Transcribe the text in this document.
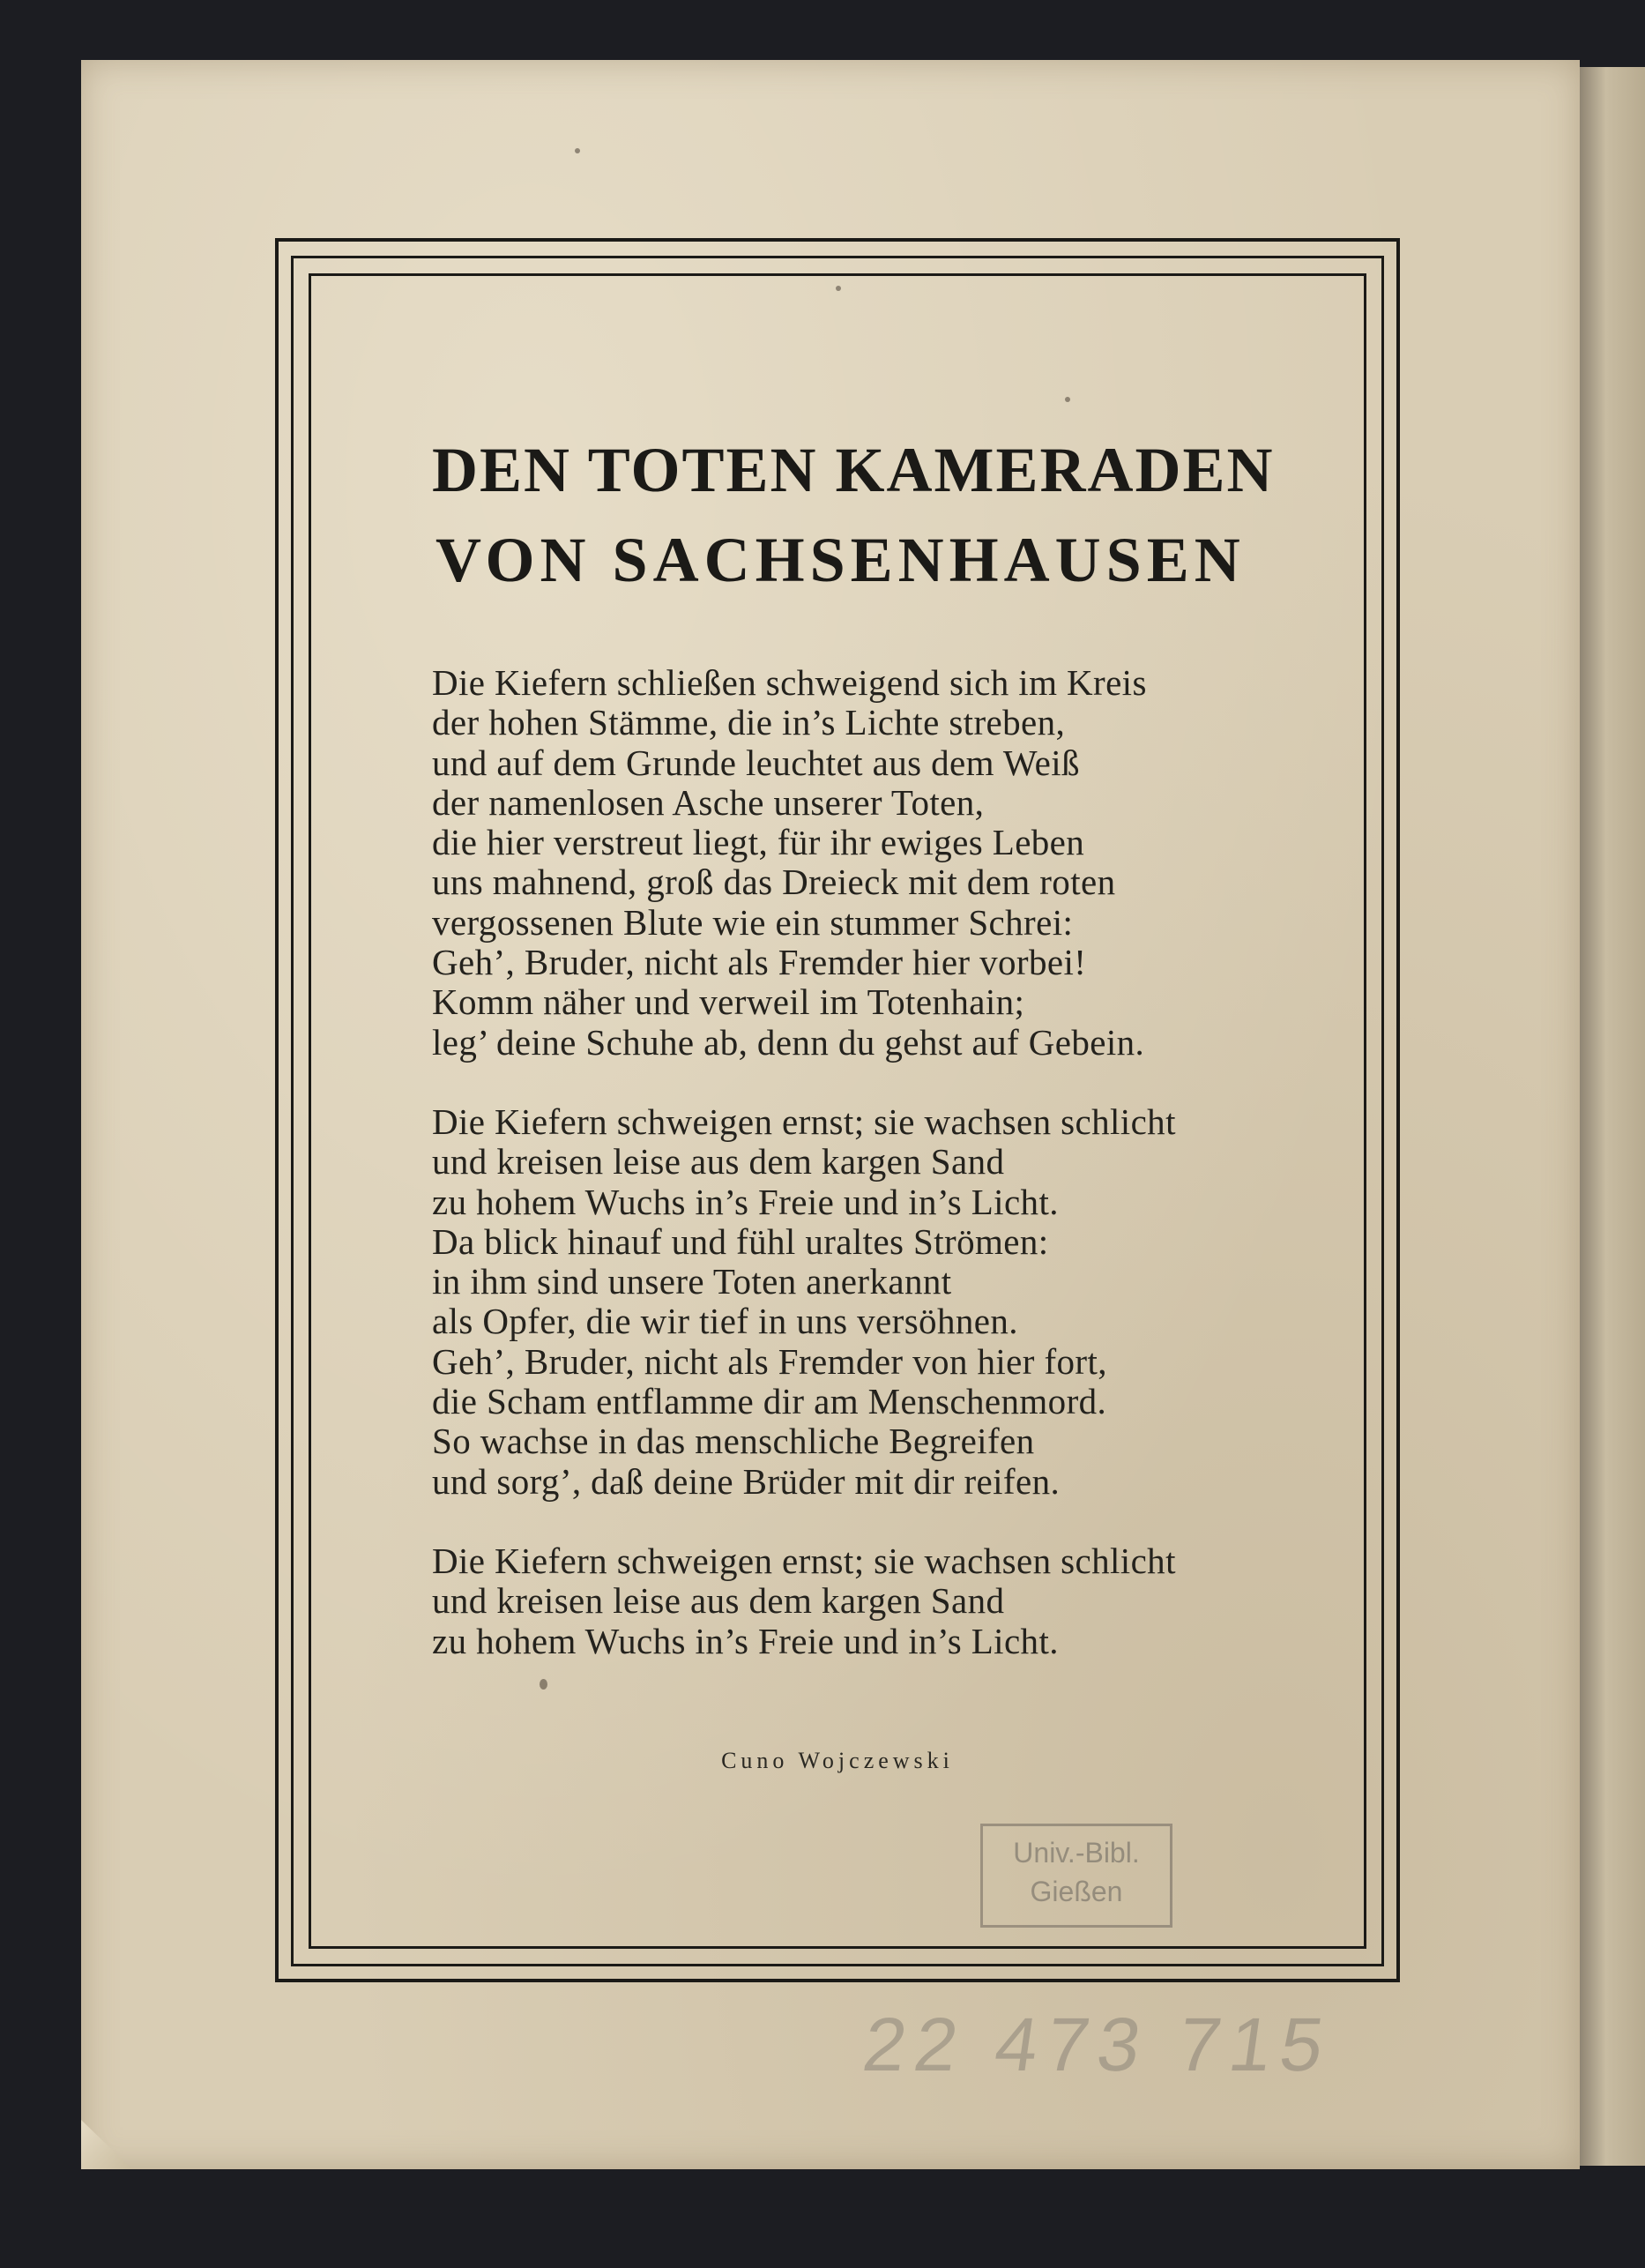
DEN TOTEN KAMERADEN
VON SACHSENHAUSEN
Die Kiefern schließen schweigend sich im Kreis
der hohen Stämme, die in’s Lichte streben,
und auf dem Grunde leuchtet aus dem Weiß
der namenlosen Asche unserer Toten,
die hier verstreut liegt, für ihr ewiges Leben
uns mahnend, groß das Dreieck mit dem roten
vergossenen Blute wie ein stummer Schrei:
Geh’, Bruder, nicht als Fremder hier vorbei!
Komm näher und verweil im Totenhain;
leg’ deine Schuhe ab, denn du gehst auf Gebein.
Die Kiefern schweigen ernst; sie wachsen schlicht
und kreisen leise aus dem kargen Sand
zu hohem Wuchs in’s Freie und in’s Licht.
Da blick hinauf und fühl uraltes Strömen:
in ihm sind unsere Toten anerkannt
als Opfer, die wir tief in uns versöhnen.
Geh’, Bruder, nicht als Fremder von hier fort,
die Scham entflamme dir am Menschenmord.
So wachse in das menschliche Begreifen
und sorg’, daß deine Brüder mit dir reifen.
Die Kiefern schweigen ernst; sie wachsen schlicht
und kreisen leise aus dem kargen Sand
zu hohem Wuchs in’s Freie und in’s Licht.
Cuno Wojczewski
Univ.-Bibl.
Gießen
22 473 715
